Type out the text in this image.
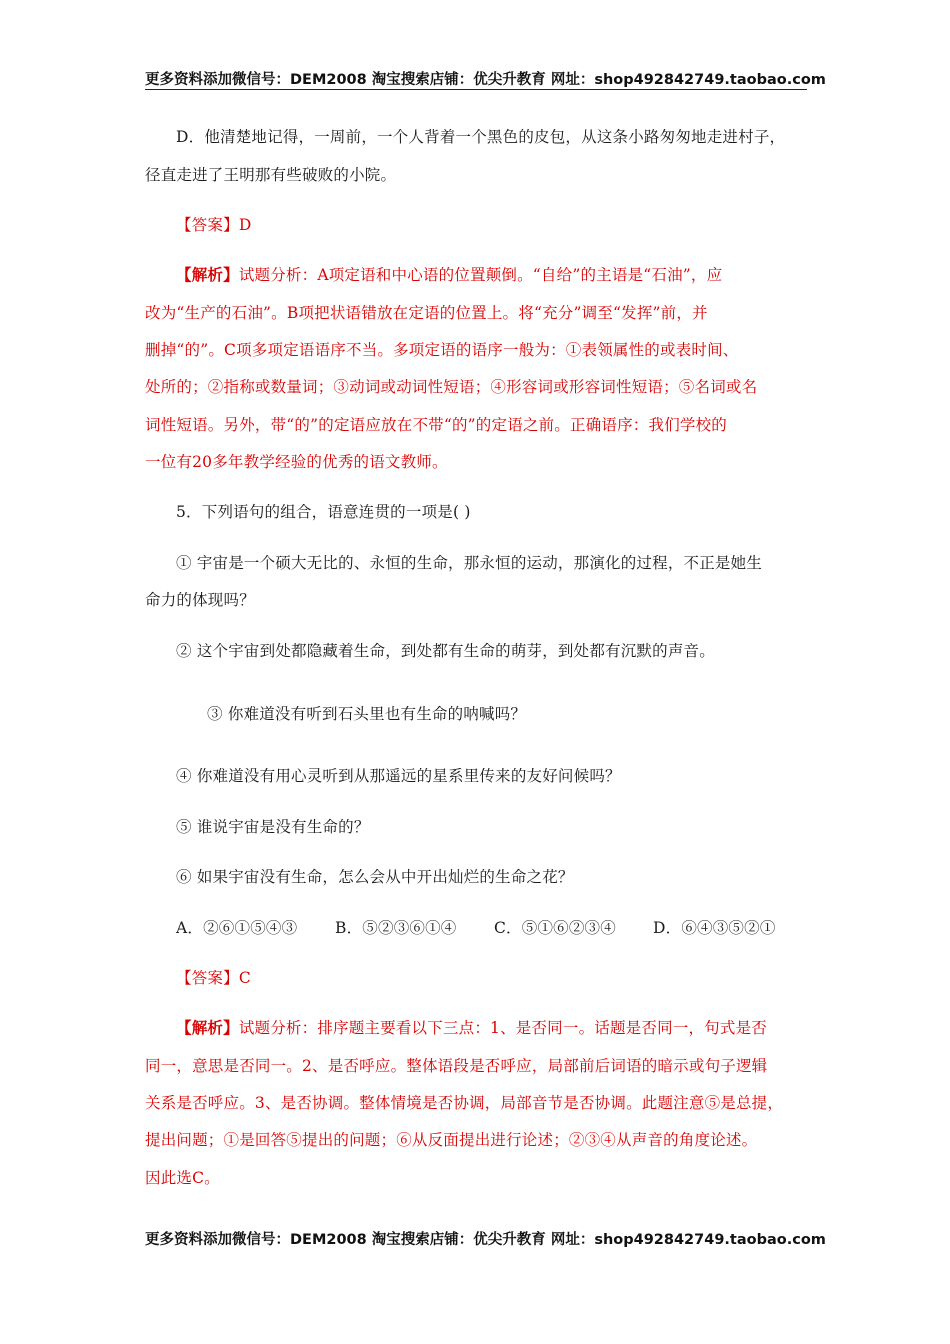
更多资料添加微信号：DEM2008 淘宝搜索店铺：优尖升教育 网址：shop492842749.taobao.com
D．他清楚地记得，一周前，一个人背着一个黑色的皮包，从这条小路匆匆地走进村子，
径直走进了王明那有些破败的小院。
【答案】D
【解析】试题分析：A项定语和中心语的位置颠倒。“自给”的主语是“石油”，应
改为“生产的石油”。B项把状语错放在定语的位置上。将“充分”调至“发挥”前，并
删掉“的”。C项多项定语语序不当。多项定语的语序一般为：①表领属性的或表时间、
处所的；②指称或数量词；③动词或动词性短语；④形容词或形容词性短语；⑤名词或名
词性短语。另外，带“的”的定语应放在不带“的”的定语之前。正确语序：我们学校的
一位有20多年教学经验的优秀的语文教师。
5．下列语句的组合，语意连贯的一项是( )
① 宇宙是一个硕大无比的、永恒的生命，那永恒的运动，那演化的过程，不正是她生
命力的体现吗？
② 这个宇宙到处都隐藏着生命，到处都有生命的萌芽，到处都有沉默的声音。
③ 你难道没有听到石头里也有生命的呐喊吗？
④ 你难道没有用心灵听到从那遥远的星系里传来的友好问候吗？
⑤ 谁说宇宙是没有生命的？
⑥ 如果宇宙没有生命，怎么会从中开出灿烂的生命之花？
A．②⑥①⑤④③ B．⑤②③⑥①④ C．⑤①⑥②③④ D．⑥④③⑤②①
【答案】C
【解析】试题分析：排序题主要看以下三点：1、是否同一。话题是否同一，句式是否
同一，意思是否同一。2、是否呼应。整体语段是否呼应，局部前后词语的暗示或句子逻辑
关系是否呼应。3、是否协调。整体情境是否协调，局部音节是否协调。此题注意⑤是总提，
提出问题；①是回答⑤提出的问题；⑥从反面提出进行论述；②③④从声音的角度论述。
因此选C。
更多资料添加微信号：DEM2008 淘宝搜索店铺：优尖升教育 网址：shop492842749.taobao.com
